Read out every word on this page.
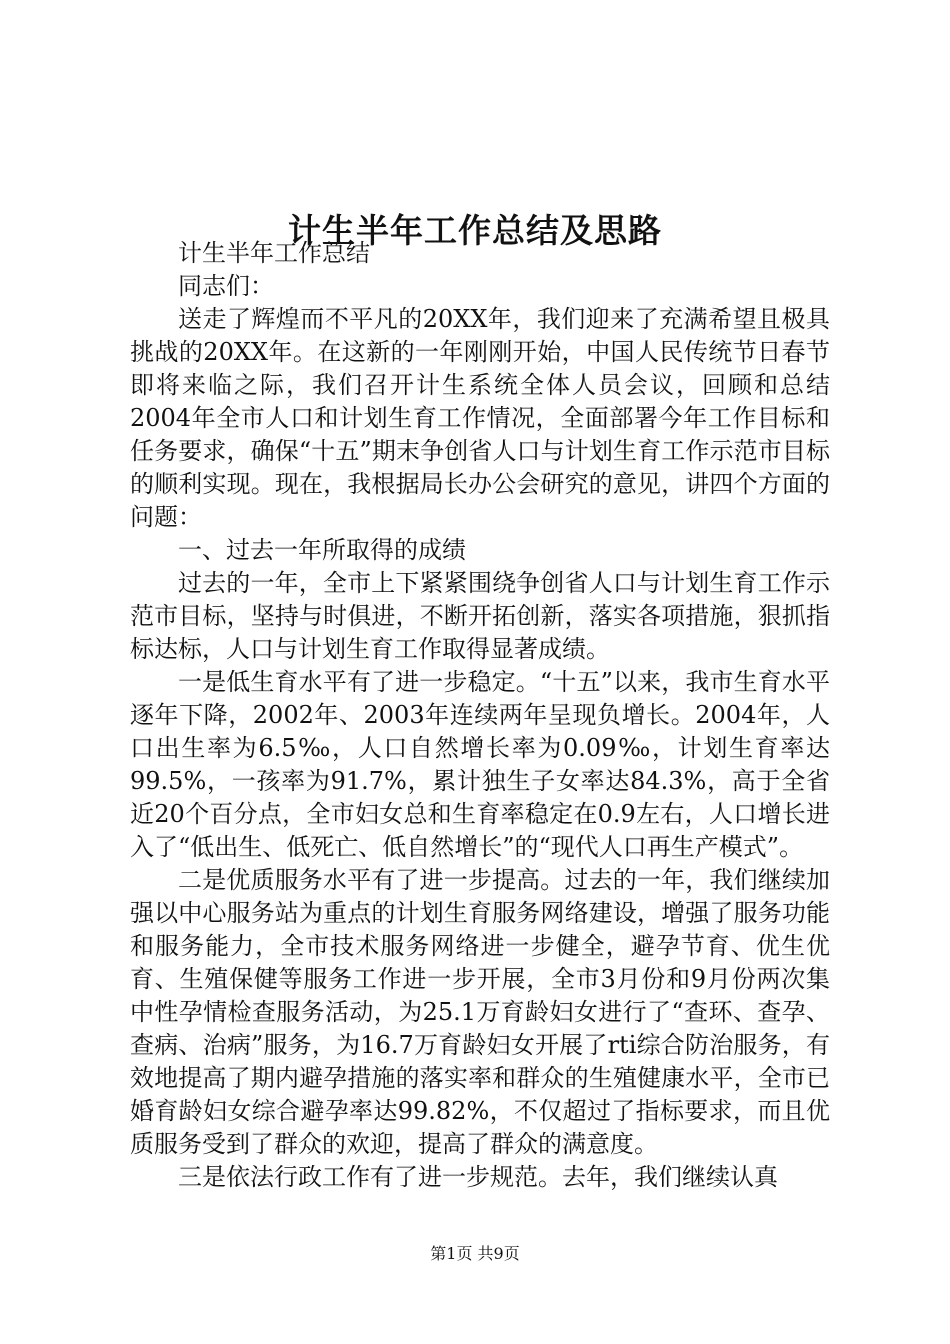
计生半年工作总结及思路

计生半年工作总结

同志们：

送走了辉煌而不平凡的20XX年，我们迎来了充满希望且极具挑战的20XX年。在这新的一年刚刚开始，中国人民传统节日春节即将来临之际，我们召开计生系统全体人员会议，回顾和总结2004年全市人口和计划生育工作情况，全面部署今年工作目标和任务要求，确保“十五”期末争创省人口与计划生育工作示范市目标的顺利实现。现在，我根据局长办公会研究的意见，讲四个方面的问题：

一、过去一年所取得的成绩

过去的一年，全市上下紧紧围绕争创省人口与计划生育工作示范市目标，坚持与时俱进，不断开拓创新，落实各项措施，狠抓指标达标，人口与计划生育工作取得显著成绩。

一是低生育水平有了进一步稳定。“十五”以来，我市生育水平逐年下降，2002年、2003年连续两年呈现负增长。2004年，人口出生率为6.5‰，人口自然增长率为0.09‰，计划生育率达99.5%，一孩率为91.7%，累计独生子女率达84.3%，高于全省近20个百分点，全市妇女总和生育率稳定在0.9左右，人口增长进入了“低出生、低死亡、低自然增长”的“现代人口再生产模式”。

二是优质服务水平有了进一步提高。过去的一年，我们继续加强以中心服务站为重点的计划生育服务网络建设，增强了服务功能和服务能力，全市技术服务网络进一步健全，避孕节育、优生优育、生殖保健等服务工作进一步开展，全市3月份和9月份两次集中性孕情检查服务活动，为25.1万育龄妇女进行了“查环、查孕、查病、治病”服务，为16.7万育龄妇女开展了rti综合防治服务，有效地提高了期内避孕措施的落实率和群众的生殖健康水平，全市已婚育龄妇女综合避孕率达99.82%，不仅超过了指标要求，而且优质服务受到了群众的欢迎，提高了群众的满意度。

三是依法行政工作有了进一步规范。去年，我们继续认真

第1页 共9页
